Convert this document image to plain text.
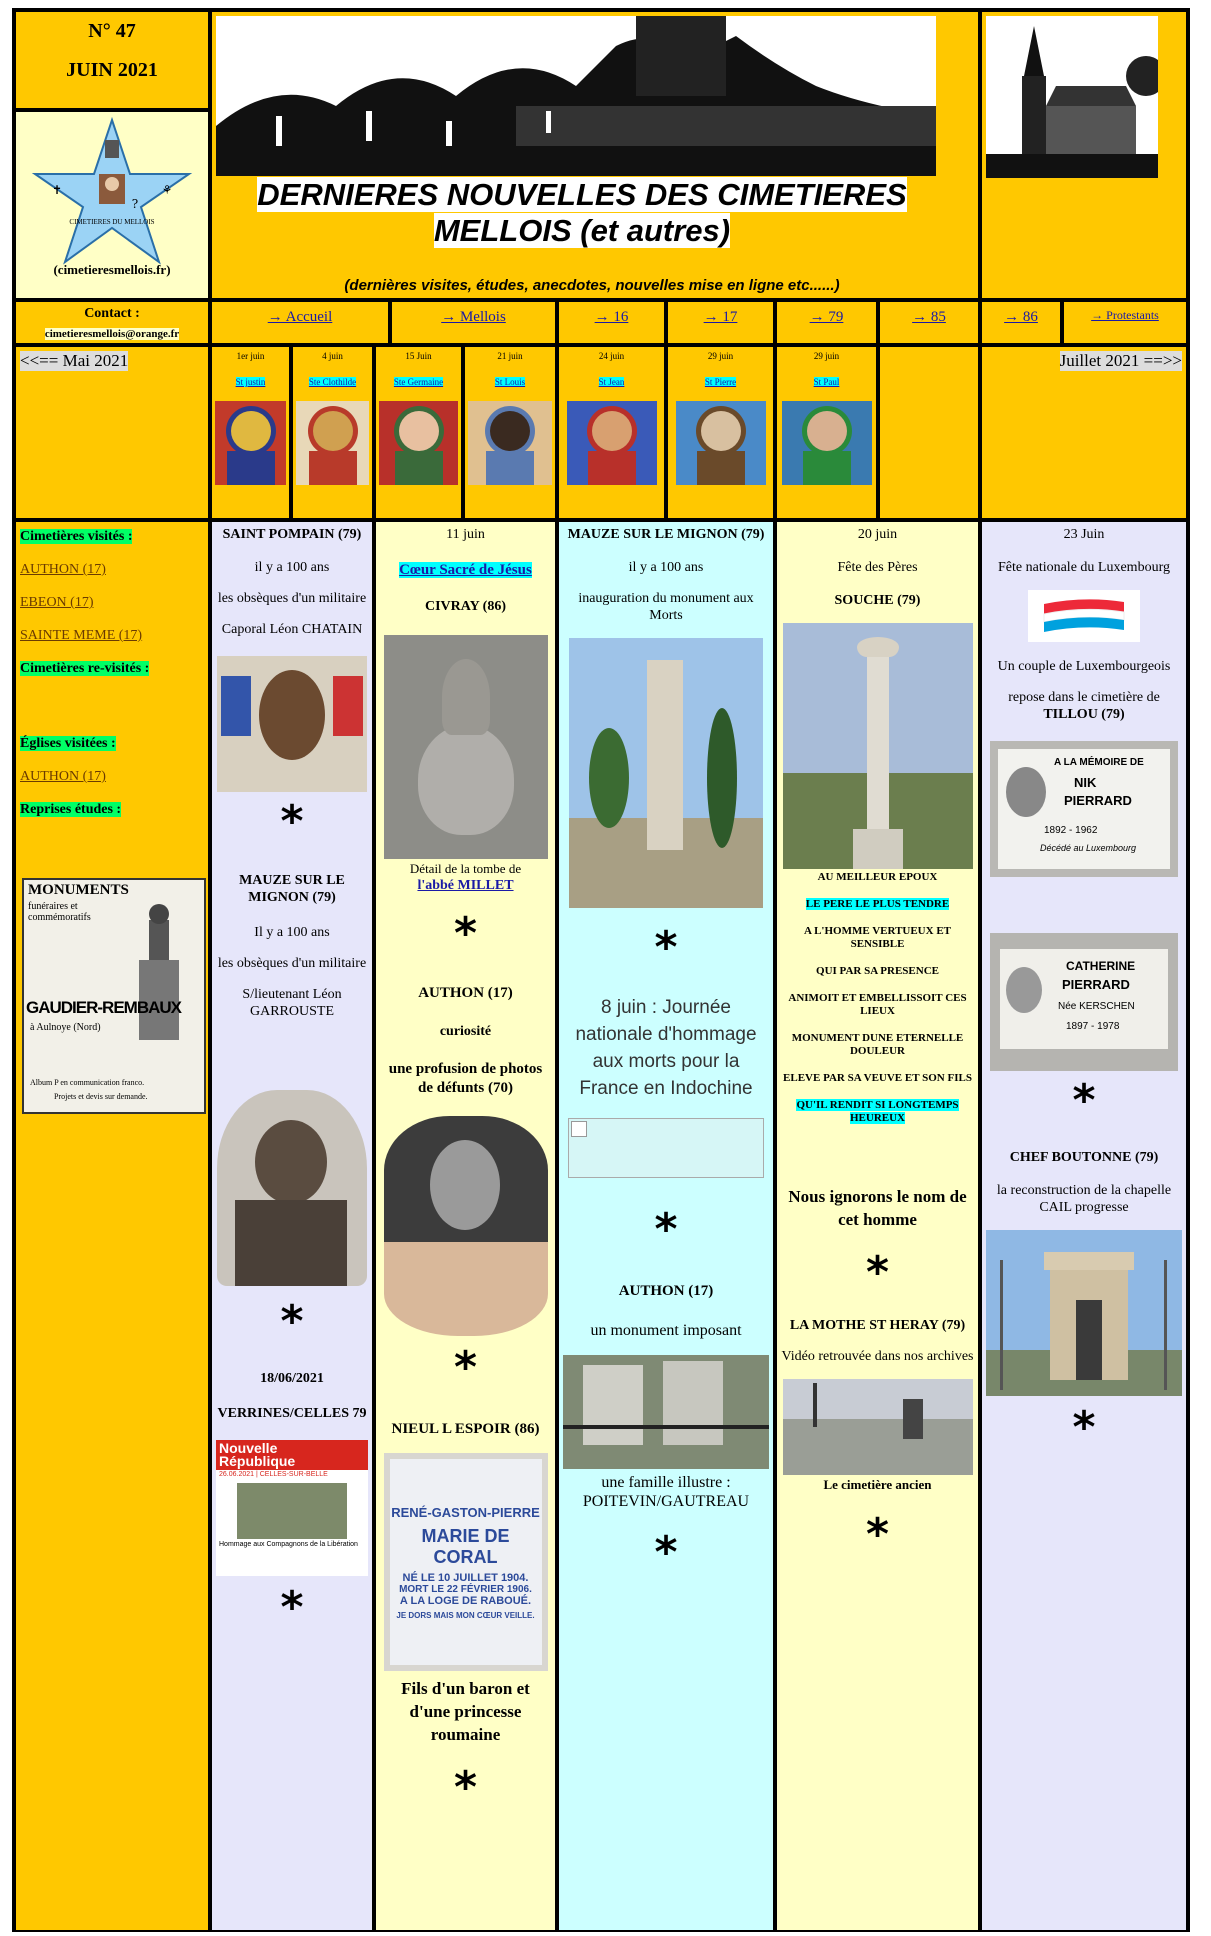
N° 47
JUIN 2021
CIMETIERES DU MELLOIS
✝	⚘
?
(cimetieresmellois.fr)
DERNIERES NOUVELLES DES CIMETIERES
MELLOIS (et autres)
(dernières visites, études, anecdotes, nouvelles mise en ligne etc......)
Contact :
cimetieresmellois@orange.fr
→ Accueil	→ Mellois	→ 16	→ 17	→ 79	→ 85	→ 86	→ Protestants
<<== Mai 2021	1er juin
St justin
4 juin
Ste Clothilde
15 Juin
Ste Germaine
21 juin
St Louis
24 juin
St Jean
29 juin
St Pierre
29 juin
St Paul
Juillet 2021 ==>>
Cimetières visités :
AUTHON (17)
EBEON (17)
SAINTE MEME (17)
Cimetières re-visités :
Églises visitées :
AUTHON (17)
Reprises études :
MONUMENTS
funéraires et commémoratifs
GAUDIER-REMBAUX
à Aulnoye (Nord)
Album P en communication franco.
Projets et devis sur demande.
SAINT POMPAIN (79)
il y a 100 ans
les obsèques d'un militaire
Caporal Léon CHATAIN
*
MAUZE SUR LE MIGNON (79)
Il y a 100 ans
les obsèques d'un militaire
S/lieutenant Léon GARROUSTE
*
18/06/2021
VERRINES/CELLES 79
Nouvelle
République
26.06.2021 | CELLES-SUR-BELLE
Hommage aux Compagnons de la Libération
*
11 juin
Cœur Sacré de Jésus
CIVRAY (86)
Détail de la tombe de
l'abbé MILLET
*
AUTHON (17)
curiosité
une profusion de photos de défunts (70)
*
NIEUL L ESPOIR (86)
RENÉ-GASTON-PIERRE
MARIE DE CORAL
NÉ LE 10 JUILLET 1904.
MORT LE 22 FÉVRIER 1906.
A LA LOGE DE RABOUÉ.
JE DORS MAIS MON CŒUR VEILLE.
Fils d'un baron et d'une princesse roumaine
*
MAUZE SUR LE MIGNON (79)
il y a 100 ans
inauguration du monument aux Morts
*
8 juin : Journée nationale d'hommage aux morts pour la France en Indochine
*
AUTHON (17)
un monument imposant
une famille illustre : POITEVIN/GAUTREAU
*
20 juin
Fête des Pères
SOUCHE (79)
AU MEILLEUR EPOUX
LE PERE LE PLUS TENDRE
A L'HOMME VERTUEUX ET SENSIBLE
QUI PAR SA PRESENCE
ANIMOIT ET EMBELLISSOIT CES LIEUX
MONUMENT DUNE ETERNELLE DOULEUR
ELEVE PAR SA VEUVE ET SON FILS
QU'IL RENDIT SI LONGTEMPS HEUREUX
Nous ignorons le nom de cet homme
*
LA MOTHE ST HERAY (79)
Vidéo retrouvée dans nos archives
Le cimetière ancien
*
23 Juin
Fête nationale du Luxembourg
Un couple de Luxembourgeois
repose dans le cimetière de
TILLOU (79)
A LA MÉMOIRE DE
NIK
PIERRARD
1892 - 1962
Décédé au Luxembourg
CATHERINE
PIERRARD
Née KERSCHEN
1897 - 1978
*
CHEF BOUTONNE (79)
la reconstruction de la chapelle CAIL progresse
*
